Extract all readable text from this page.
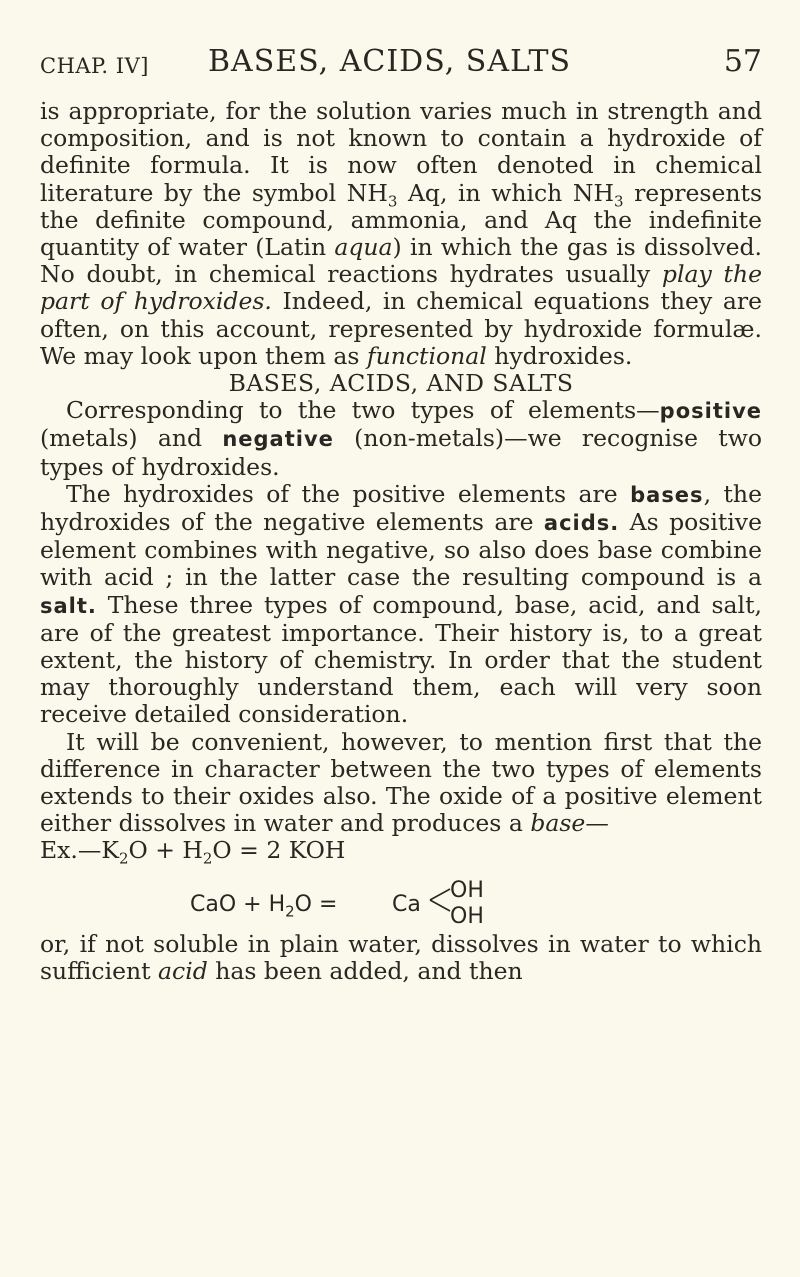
CHAP. IV] BASES, ACIDS, SALTS	57

is appropriate, for the solution varies much in strength and composition, and is not known to contain a hydroxide of definite formula. It is now often denoted in chemical literature by the symbol $NH_3$ Aq, in which $NH_3$ represents the definite compound, ammonia, and Aq the indefinite quantity of water (Latin aqua) in which the gas is dissolved. No doubt, in chemical reactions hydrates usually play the part of hydroxides. Indeed, in chemical equations they are often, on this account, represented by hydroxide formulæ. We may look upon them as functional hydroxides.

BASES, ACIDS, AND SALTS

Corresponding to the two types of elements—positive (metals) and negative (non-metals)—we recognise two types of hydroxides.

The hydroxides of the positive elements are bases, the hydroxides of the negative elements are acids. As positive element combines with negative, so also does base combine with acid ; in the latter case the resulting compound is a salt. These three types of compound, base, acid, and salt, are of the greatest importance. Their history is, to a great extent, the history of chemistry. In order that the student may thoroughly understand them, each will very soon receive detailed consideration.

It will be convenient, however, to mention first that the difference in character between the two types of elements extends to their oxides also. The oxide of a positive element either dissolves in water and produces a base—

$Ex.—K_2O + H_2O = 2$ KOH

CaO + $H_2O = Ca$
OH
OH

or, if not soluble in plain water, dissolves in water to which sufficient acid has been added, and then
